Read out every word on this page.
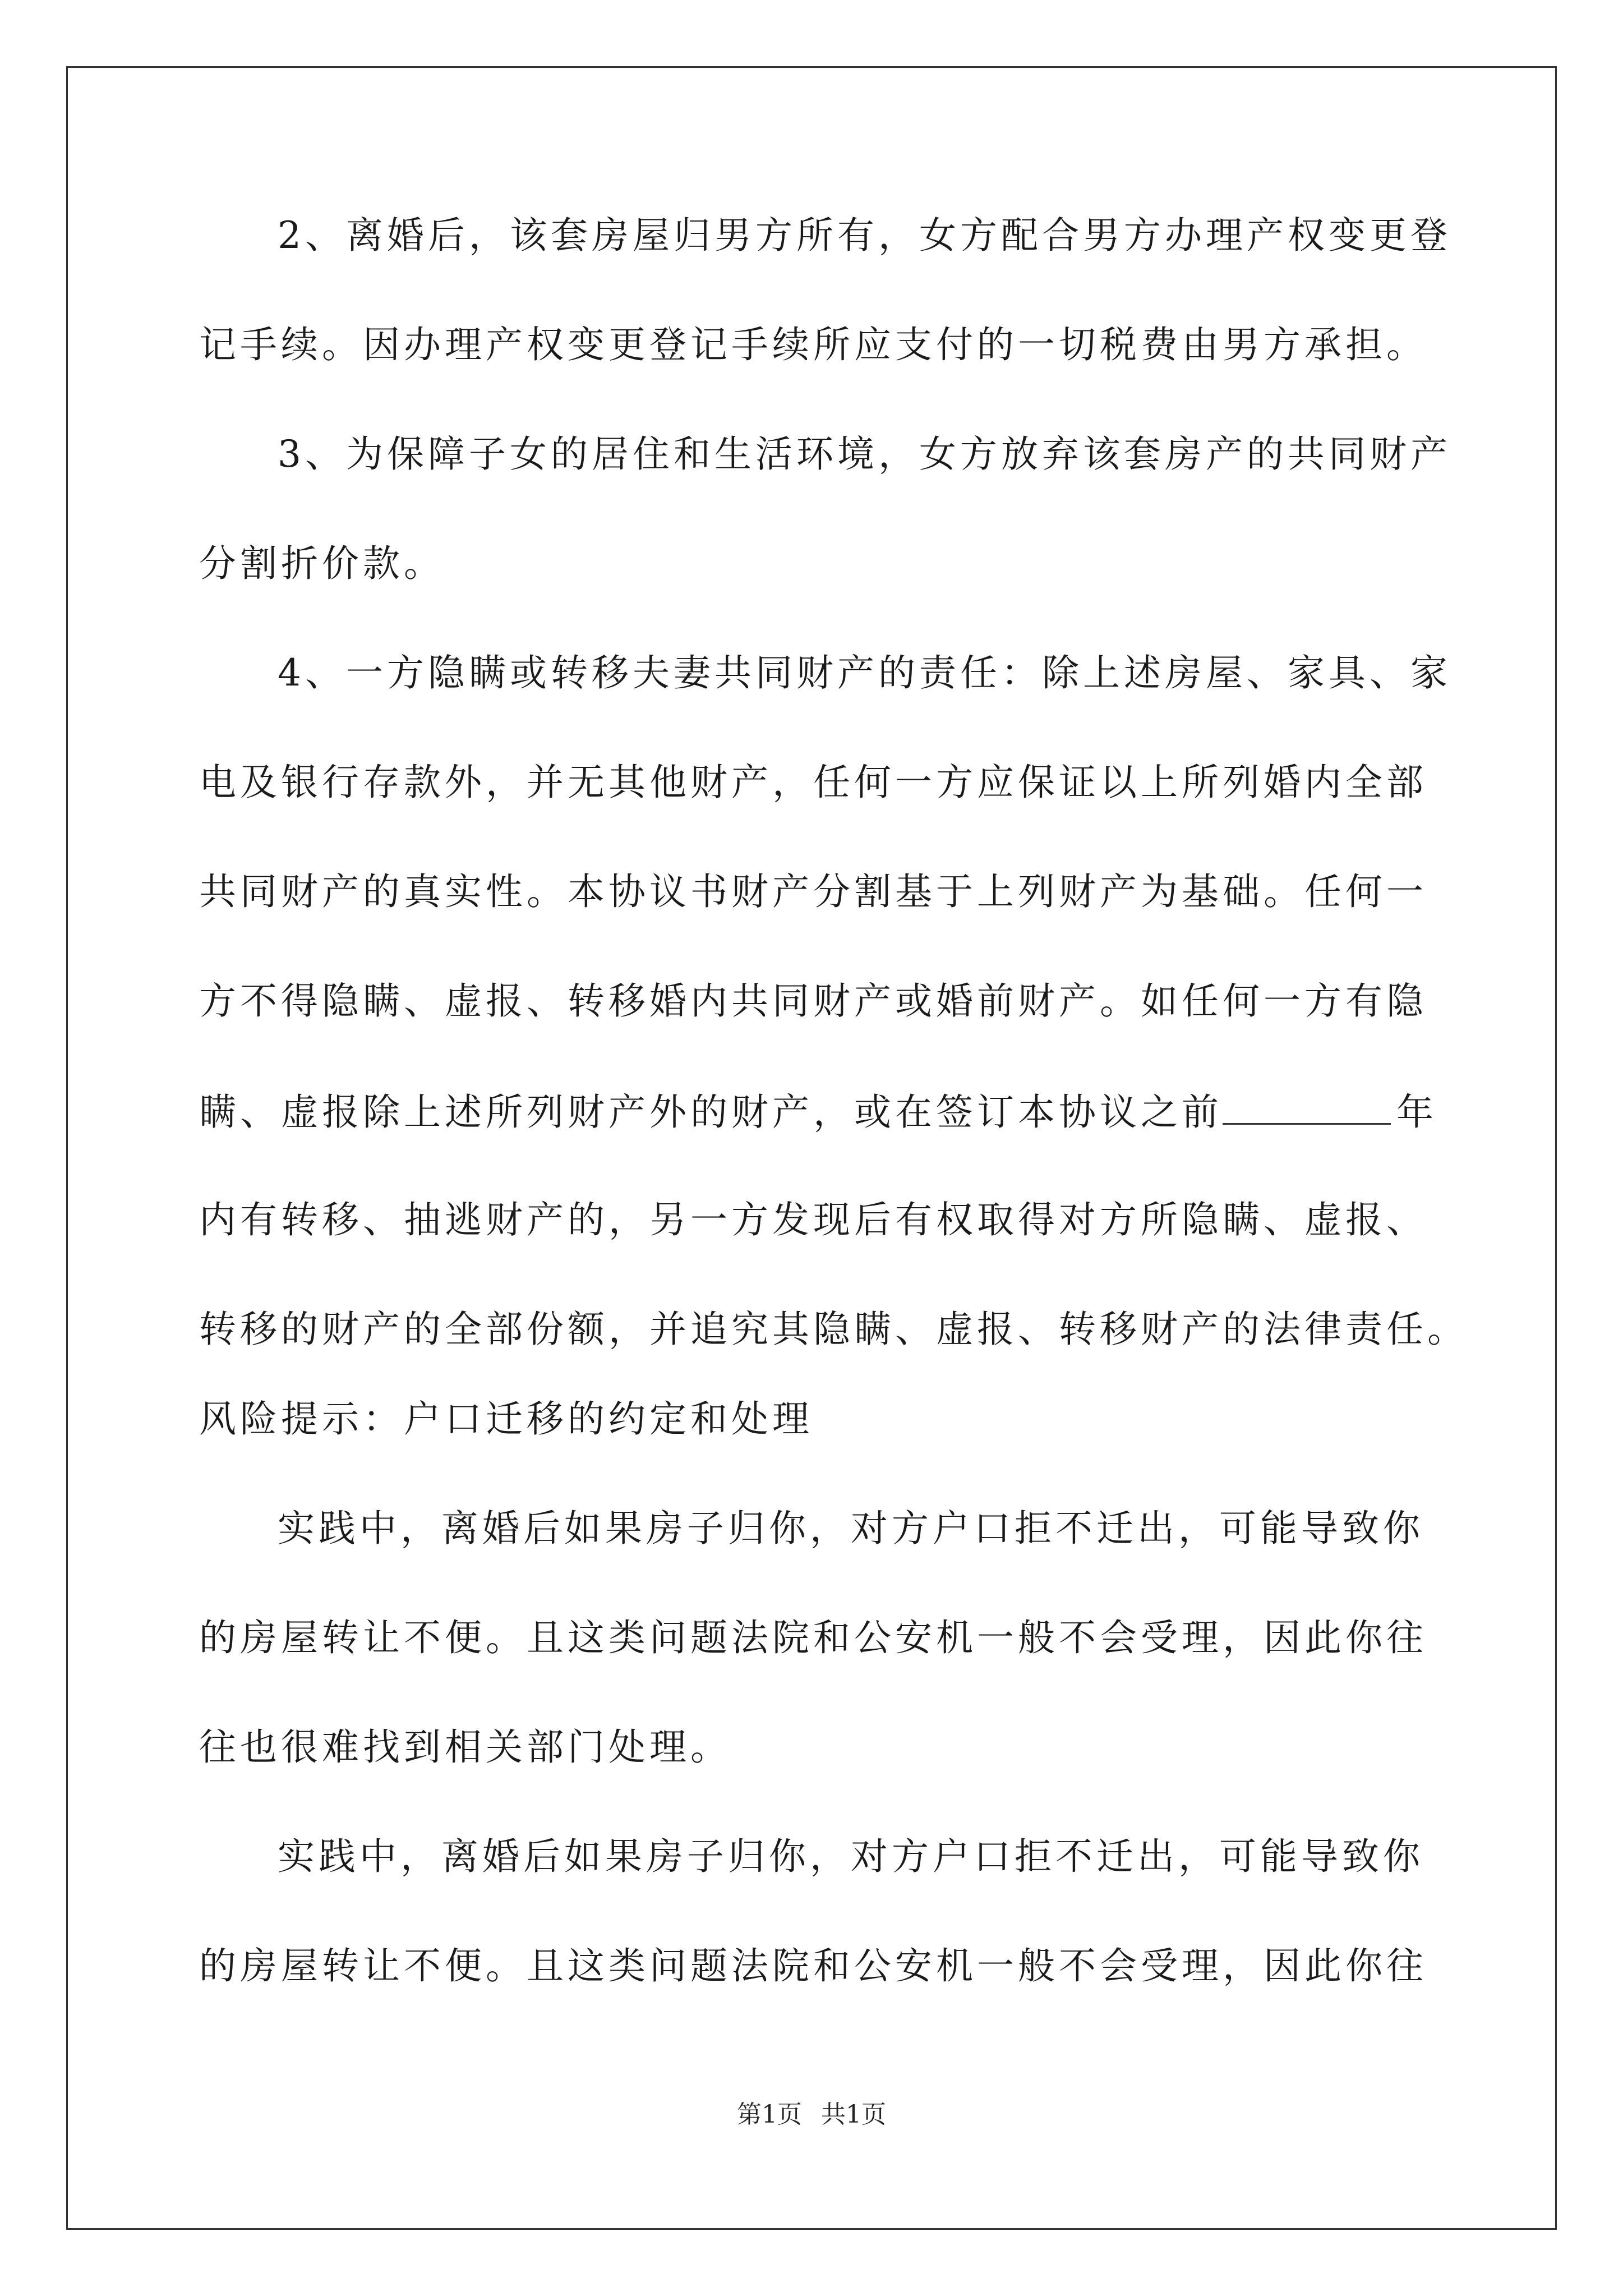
2、离婚后，该套房屋归男方所有，女方配合男方办理产权变更登
记手续。因办理产权变更登记手续所应支付的一切税费由男方承担。
3、为保障子女的居住和生活环境，女方放弃该套房产的共同财产
分割折价款。
4、一方隐瞒或转移夫妻共同财产的责任：除上述房屋、家具、家
电及银行存款外，并无其他财产，任何一方应保证以上所列婚内全部
共同财产的真实性。本协议书财产分割基于上列财产为基础。任何一
方不得隐瞒、虚报、转移婚内共同财产或婚前财产。如任何一方有隐
瞒、虚报除上述所列财产外的财产，或在签订本协议之前	年
内有转移、抽逃财产的，另一方发现后有权取得对方所隐瞒、虚报、
转移的财产的全部份额，并追究其隐瞒、虚报、转移财产的法律责任。
风险提示：户口迁移的约定和处理
实践中，离婚后如果房子归你，对方户口拒不迁出，可能导致你
的房屋转让不便。且这类问题法院和公安机一般不会受理，因此你往
往也很难找到相关部门处理。
实践中，离婚后如果房子归你，对方户口拒不迁出，可能导致你
的房屋转让不便。且这类问题法院和公安机一般不会受理，因此你往
第1页 共1页
